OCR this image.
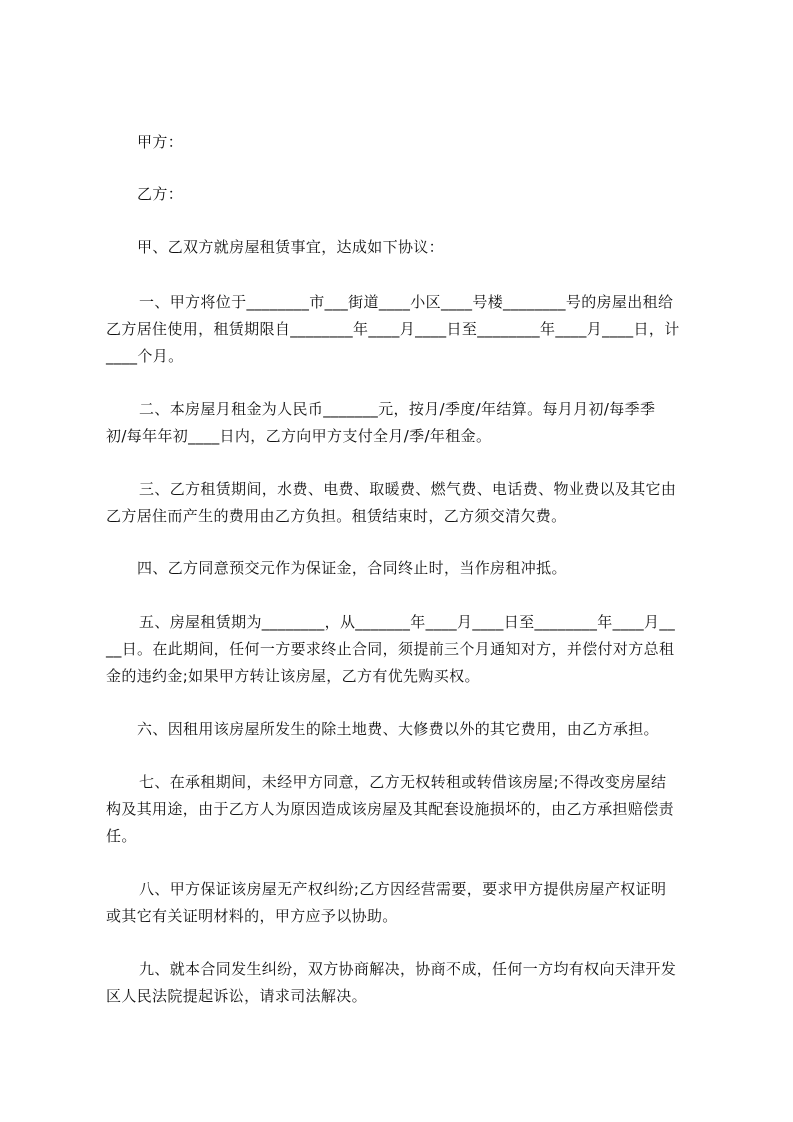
甲方：
乙方：
甲、乙双方就房屋租赁事宜，达成如下协议：
一、甲方将位于________市___街道____小区____号楼________号的房屋出租给
乙方居住使用，租赁期限自________年____月____日至________年____月____日，计
____个月。
二、本房屋月租金为人民币_______元，按月/季度/年结算。每月月初/每季季
初/每年年初____日内，乙方向甲方支付全月/季/年租金。
三、乙方租赁期间，水费、电费、取暖费、燃气费、电话费、物业费以及其它由
乙方居住而产生的费用由乙方负担。租赁结束时，乙方须交清欠费。
四、乙方同意预交元作为保证金，合同终止时，当作房租冲抵。
五、房屋租赁期为________，从_______年____月____日至________年____月__
__日。在此期间，任何一方要求终止合同，须提前三个月通知对方，并偿付对方总租
金的违约金;如果甲方转让该房屋，乙方有优先购买权。
六、因租用该房屋所发生的除土地费、大修费以外的其它费用，由乙方承担。
七、在承租期间，未经甲方同意，乙方无权转租或转借该房屋;不得改变房屋结
构及其用途，由于乙方人为原因造成该房屋及其配套设施损坏的，由乙方承担赔偿责
任。
八、甲方保证该房屋无产权纠纷;乙方因经营需要，要求甲方提供房屋产权证明
或其它有关证明材料的，甲方应予以协助。
九、就本合同发生纠纷，双方协商解决，协商不成，任何一方均有权向天津开发
区人民法院提起诉讼，请求司法解决。
